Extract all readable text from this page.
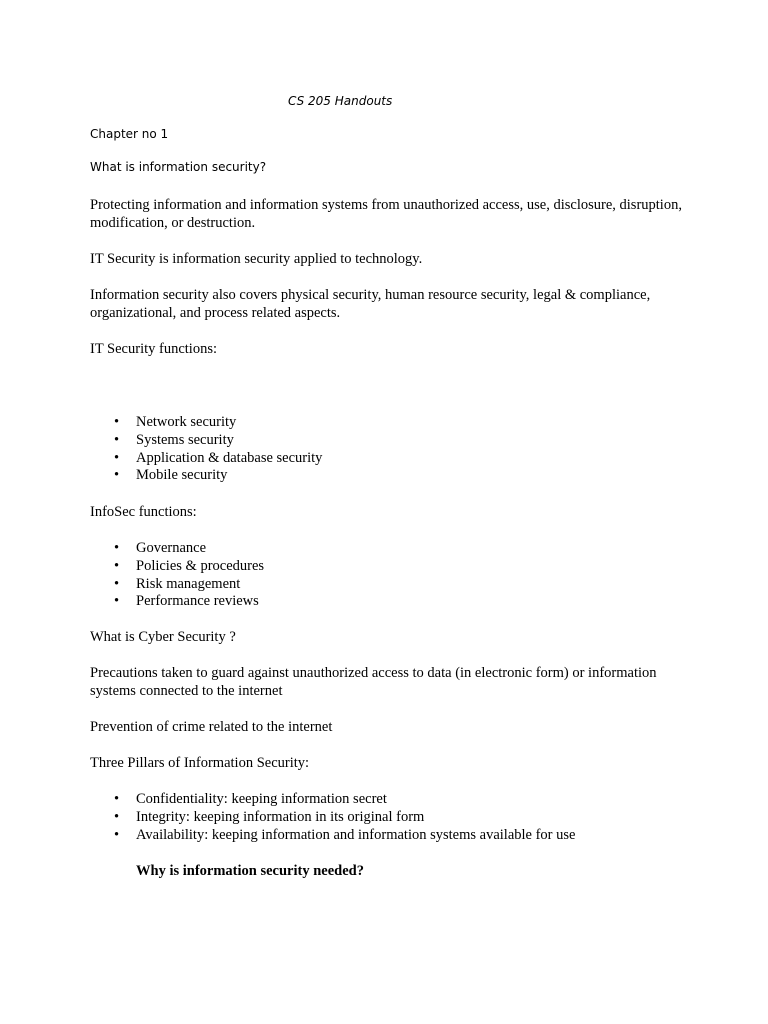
CS 205 Handouts
Chapter no 1
What is information security?
Protecting information and information systems from unauthorized access, use, disclosure, disruption, modification, or destruction.
IT Security is information security applied to technology.
Information security also covers physical security, human resource security, legal & compliance, organizational, and process related aspects.
IT Security functions:
• Network security
• Systems security
• Application & database security
• Mobile security
InfoSec functions:
• Governance
• Policies & procedures
• Risk management
• Performance reviews
What is Cyber Security ?
Precautions taken to guard against unauthorized access to data (in electronic form) or information systems connected to the internet
Prevention of crime related to the internet
Three Pillars of Information Security:
• Confidentiality: keeping information secret
• Integrity: keeping information in its original form
• Availability: keeping information and information systems available for use
Why is information security needed?
